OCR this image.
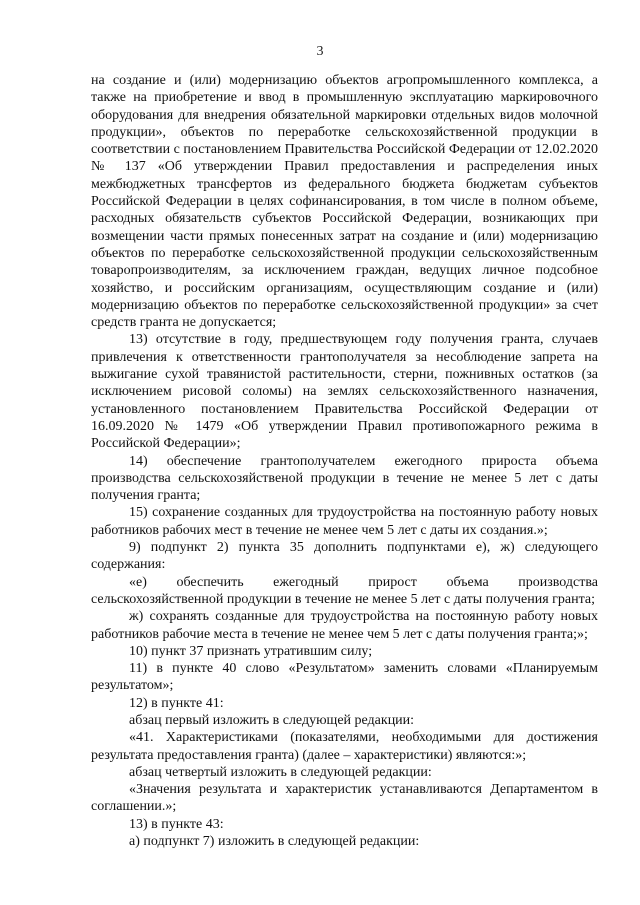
3

на создание и (или) модернизацию объектов агропромышленного комплекса, а также на приобретение и ввод в промышленную эксплуатацию маркировочного оборудования для внедрения обязательной маркировки отдельных видов молочной продукции», объектов по переработке сельскохозяйственной продукции в соответствии с постановлением Правительства Российской Федерации от 12.02.2020 № 137 «Об утверждении Правил предоставления и распределения иных межбюджетных трансфертов из федерального бюджета бюджетам субъектов Российской Федерации в целях софинансирования, в том числе в полном объеме, расходных обязательств субъектов Российской Федерации, возникающих при возмещении части прямых понесенных затрат на создание и (или) модернизацию объектов по переработке сельскохозяйственной продукции сельскохозяйственным товаропроизводителям, за исключением граждан, ведущих личное подсобное хозяйство, и российским организациям, осуществляющим создание и (или) модернизацию объектов по переработке сельскохозяйственной продукции» за счет средств гранта не допускается;

13) отсутствие в году, предшествующем году получения гранта, случаев привлечения к ответственности грантополучателя за несоблюдение запрета на выжигание сухой травянистой растительности, стерни, пожнивных остатков (за исключением рисовой соломы) на землях сельскохозяйственного назначения, установленного постановлением Правительства Российской Федерации от 16.09.2020 № 1479 «Об утверждении Правил противопожарного режима в Российской Федерации»;

14) обеспечение грантополучателем ежегодного прироста объема производства сельскохозяйственой продукции в течение не менее 5 лет с даты получения гранта;

15) сохранение созданных для трудоустройства на постоянную работу новых работников рабочих мест в течение не менее чем 5 лет с даты их создания.»;

9) подпункт 2) пункта 35 дополнить подпунктами е), ж) следующего содержания:

«е) обеспечить ежегодный прирост объема производства сельскохозяйственной продукции в течение не менее 5 лет с даты получения гранта;

ж) сохранять созданные для трудоустройства на постоянную работу новых работников рабочие места в течение не менее чем 5 лет с даты получения гранта;»;

10) пункт 37 признать утратившим силу;

11) в пункте 40 слово «Результатом» заменить словами «Планируемым результатом»;

12) в пункте 41:

абзац первый изложить в следующей редакции:

«41. Характеристиками (показателями, необходимыми для достижения результата предоставления гранта) (далее – характеристики) являются:»;

абзац четвертый изложить в следующей редакции:

«Значения результата и характеристик устанавливаются Департаментом в соглашении.»;

13) в пункте 43:

а) подпункт 7) изложить в следующей редакции:
